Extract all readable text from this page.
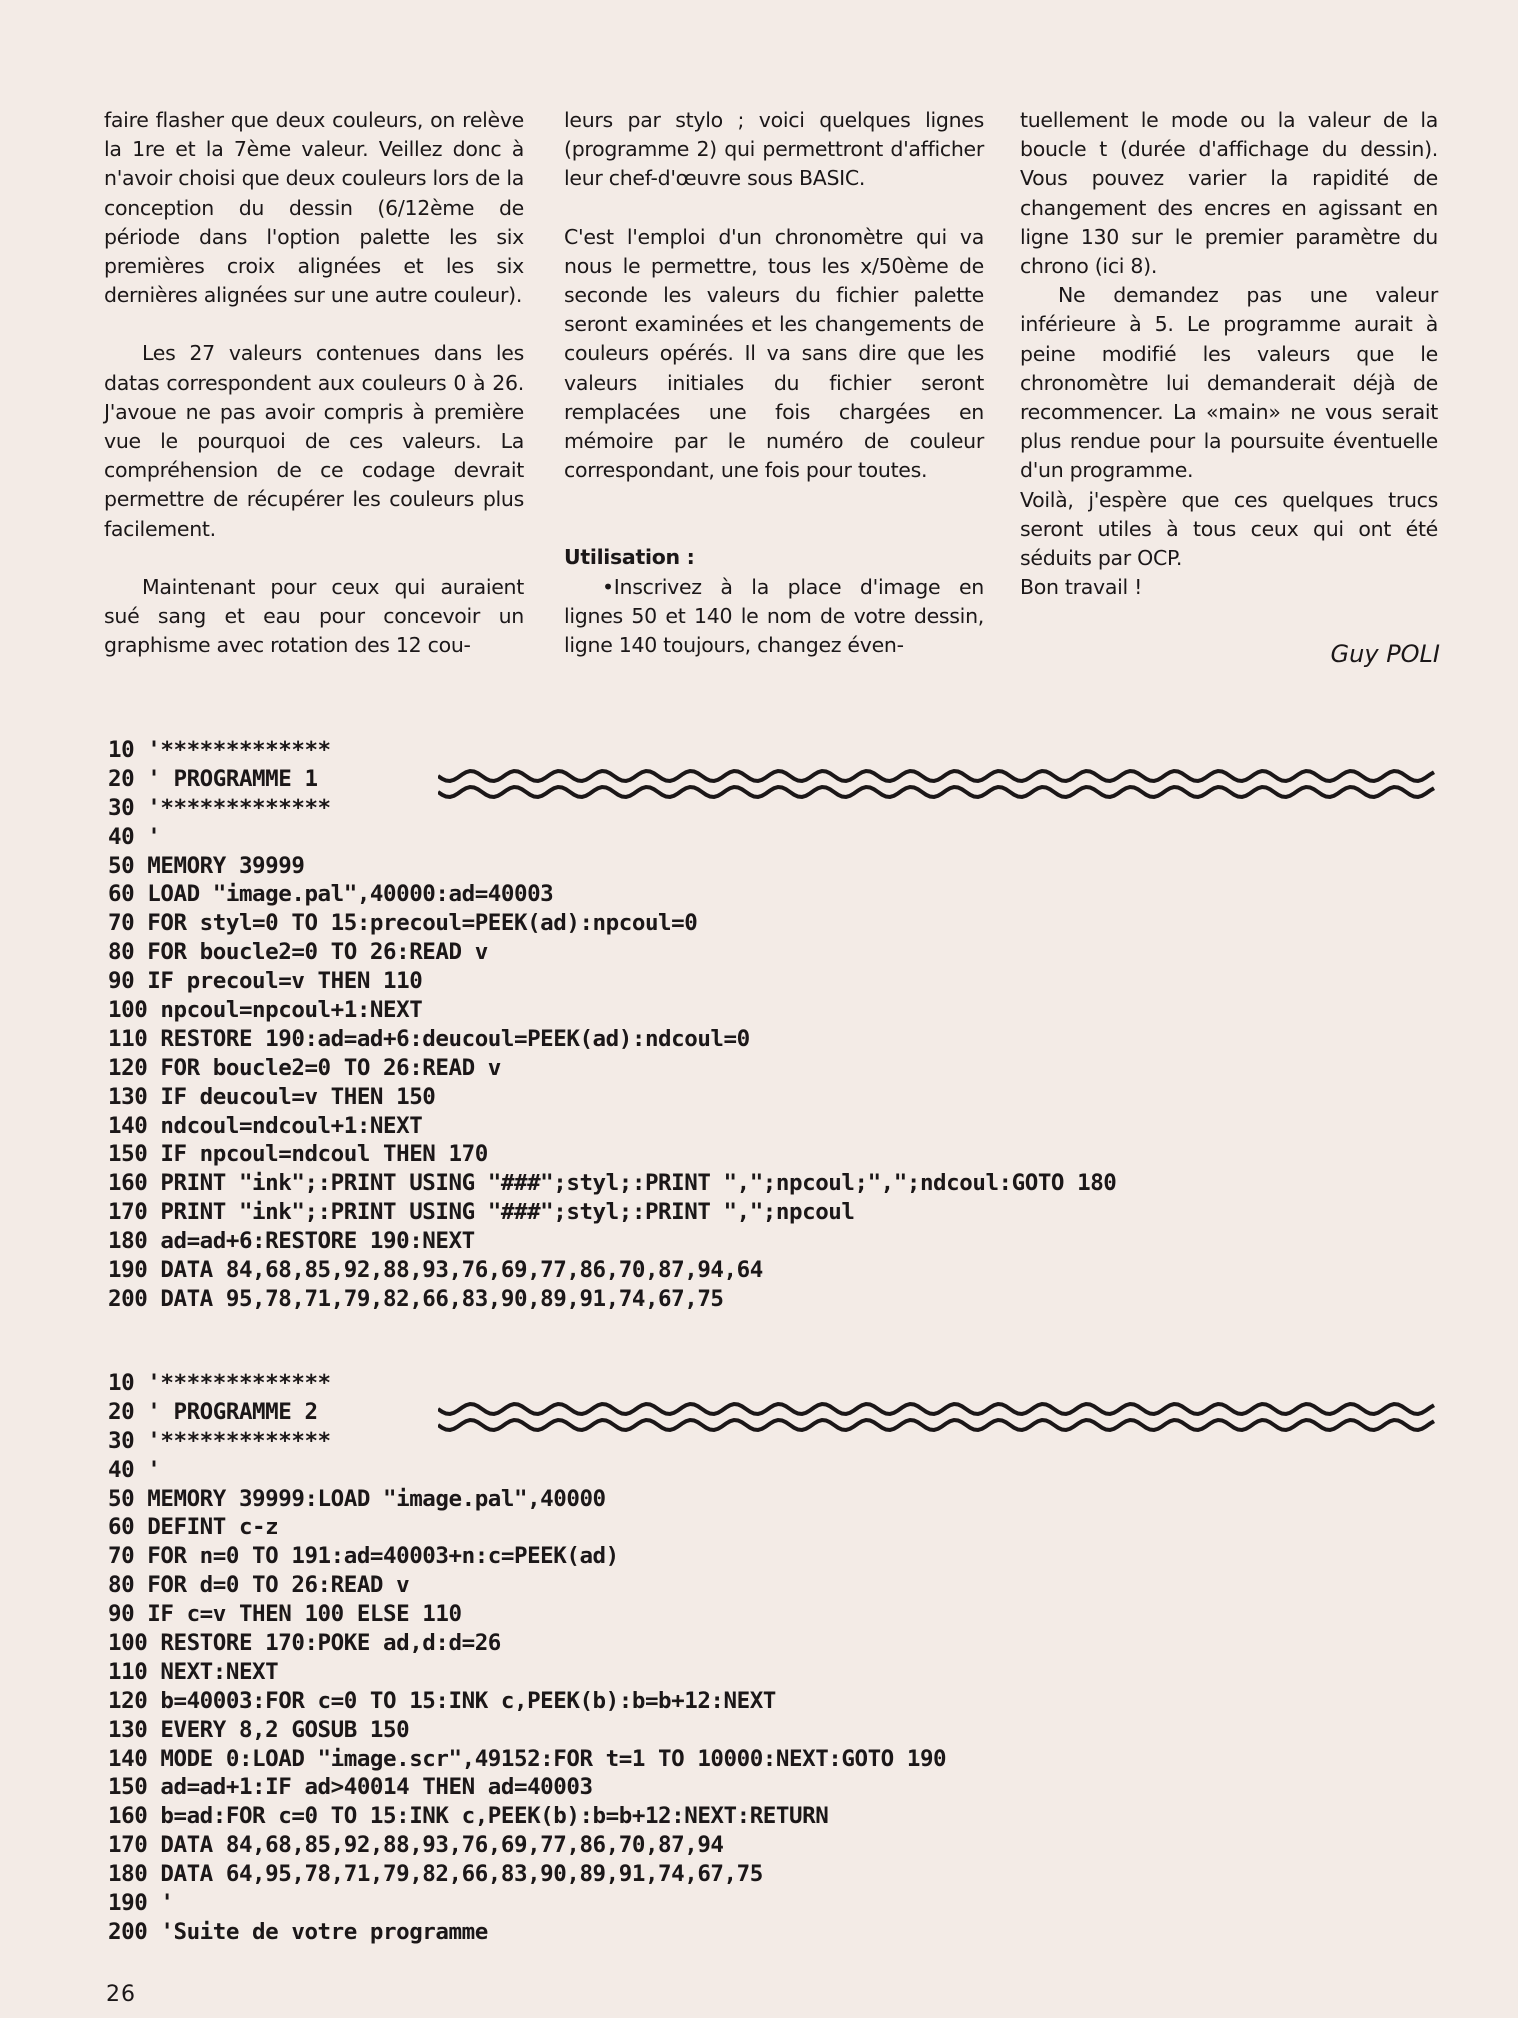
faire flasher que deux couleurs, on relève la 1re et la 7ème valeur. Veillez donc à n'avoir choisi que deux couleurs lors de la conception du dessin (6/12ème de période dans l'option palette les six premières croix alignées et les six dernières alignées sur une autre couleur).

Les 27 valeurs contenues dans les datas correspondent aux couleurs 0 à 26. J'avoue ne pas avoir compris à première vue le pourquoi de ces valeurs. La compréhension de ce codage devrait permettre de récupérer les couleurs plus facilement.

Maintenant pour ceux qui auraient sué sang et eau pour concevoir un graphisme avec rotation des 12 cou-

leurs par stylo ; voici quelques lignes (programme 2) qui permettront d'afficher leur chef-d'œuvre sous BASIC.

C'est l'emploi d'un chronomètre qui va nous le permettre, tous les x/50ème de seconde les valeurs du fichier palette seront examinées et les changements de couleurs opérés. Il va sans dire que les valeurs initiales du fichier seront remplacées une fois chargées en mémoire par le numéro de couleur correspondant, une fois pour toutes.

Utilisation :

•Inscrivez à la place d'image en lignes 50 et 140 le nom de votre dessin, ligne 140 toujours, changez éven-

tuellement le mode ou la valeur de la boucle t (durée d'affichage du dessin). Vous pouvez varier la rapidité de changement des encres en agissant en ligne 130 sur le premier paramètre du chrono (ici 8).

Ne demandez pas une valeur inférieure à 5. Le programme aurait à peine modifié les valeurs que le chronomètre lui demanderait déjà de recommencer. La «main» ne vous serait plus rendue pour la poursuite éventuelle d'un programme.

Voilà, j'espère que ces quelques trucs seront utiles à tous ceux qui ont été séduits par OCP.

Bon travail !

Guy POLI
10 '*************
20 ' PROGRAMME 1
30 '*************
40 '
50 MEMORY 39999
60 LOAD "image.pal",40000:ad=40003
70 FOR styl=0 TO 15:precoul=PEEK(ad):npcoul=0
80 FOR boucle2=0 TO 26:READ v
90 IF precoul=v THEN 110
100 npcoul=npcoul+1:NEXT
110 RESTORE 190:ad=ad+6:deucoul=PEEK(ad):ndcoul=0
120 FOR boucle2=0 TO 26:READ v
130 IF deucoul=v THEN 150
140 ndcoul=ndcoul+1:NEXT
150 IF npcoul=ndcoul THEN 170
160 PRINT "ink";:PRINT USING "###";styl;:PRINT ",";npcoul;",";ndcoul:GOTO 180
170 PRINT "ink";:PRINT USING "###";styl;:PRINT ",";npcoul
180 ad=ad+6:RESTORE 190:NEXT
190 DATA 84,68,85,92,88,93,76,69,77,86,70,87,94,64
200 DATA 95,78,71,79,82,66,83,90,89,91,74,67,75
10 '*************
20 ' PROGRAMME 2
30 '*************
40 '
50 MEMORY 39999:LOAD "image.pal",40000
60 DEFINT c-z
70 FOR n=0 TO 191:ad=40003+n:c=PEEK(ad)
80 FOR d=0 TO 26:READ v
90 IF c=v THEN 100 ELSE 110
100 RESTORE 170:POKE ad,d:d=26
110 NEXT:NEXT
120 b=40003:FOR c=0 TO 15:INK c,PEEK(b):b=b+12:NEXT
130 EVERY 8,2 GOSUB 150
140 MODE 0:LOAD "image.scr",49152:FOR t=1 TO 10000:NEXT:GOTO 190
150 ad=ad+1:IF ad>40014 THEN ad=40003
160 b=ad:FOR c=0 TO 15:INK c,PEEK(b):b=b+12:NEXT:RETURN
170 DATA 84,68,85,92,88,93,76,69,77,86,70,87,94
180 DATA 64,95,78,71,79,82,66,83,90,89,91,74,67,75
190 '
200 'Suite de votre programme
26
